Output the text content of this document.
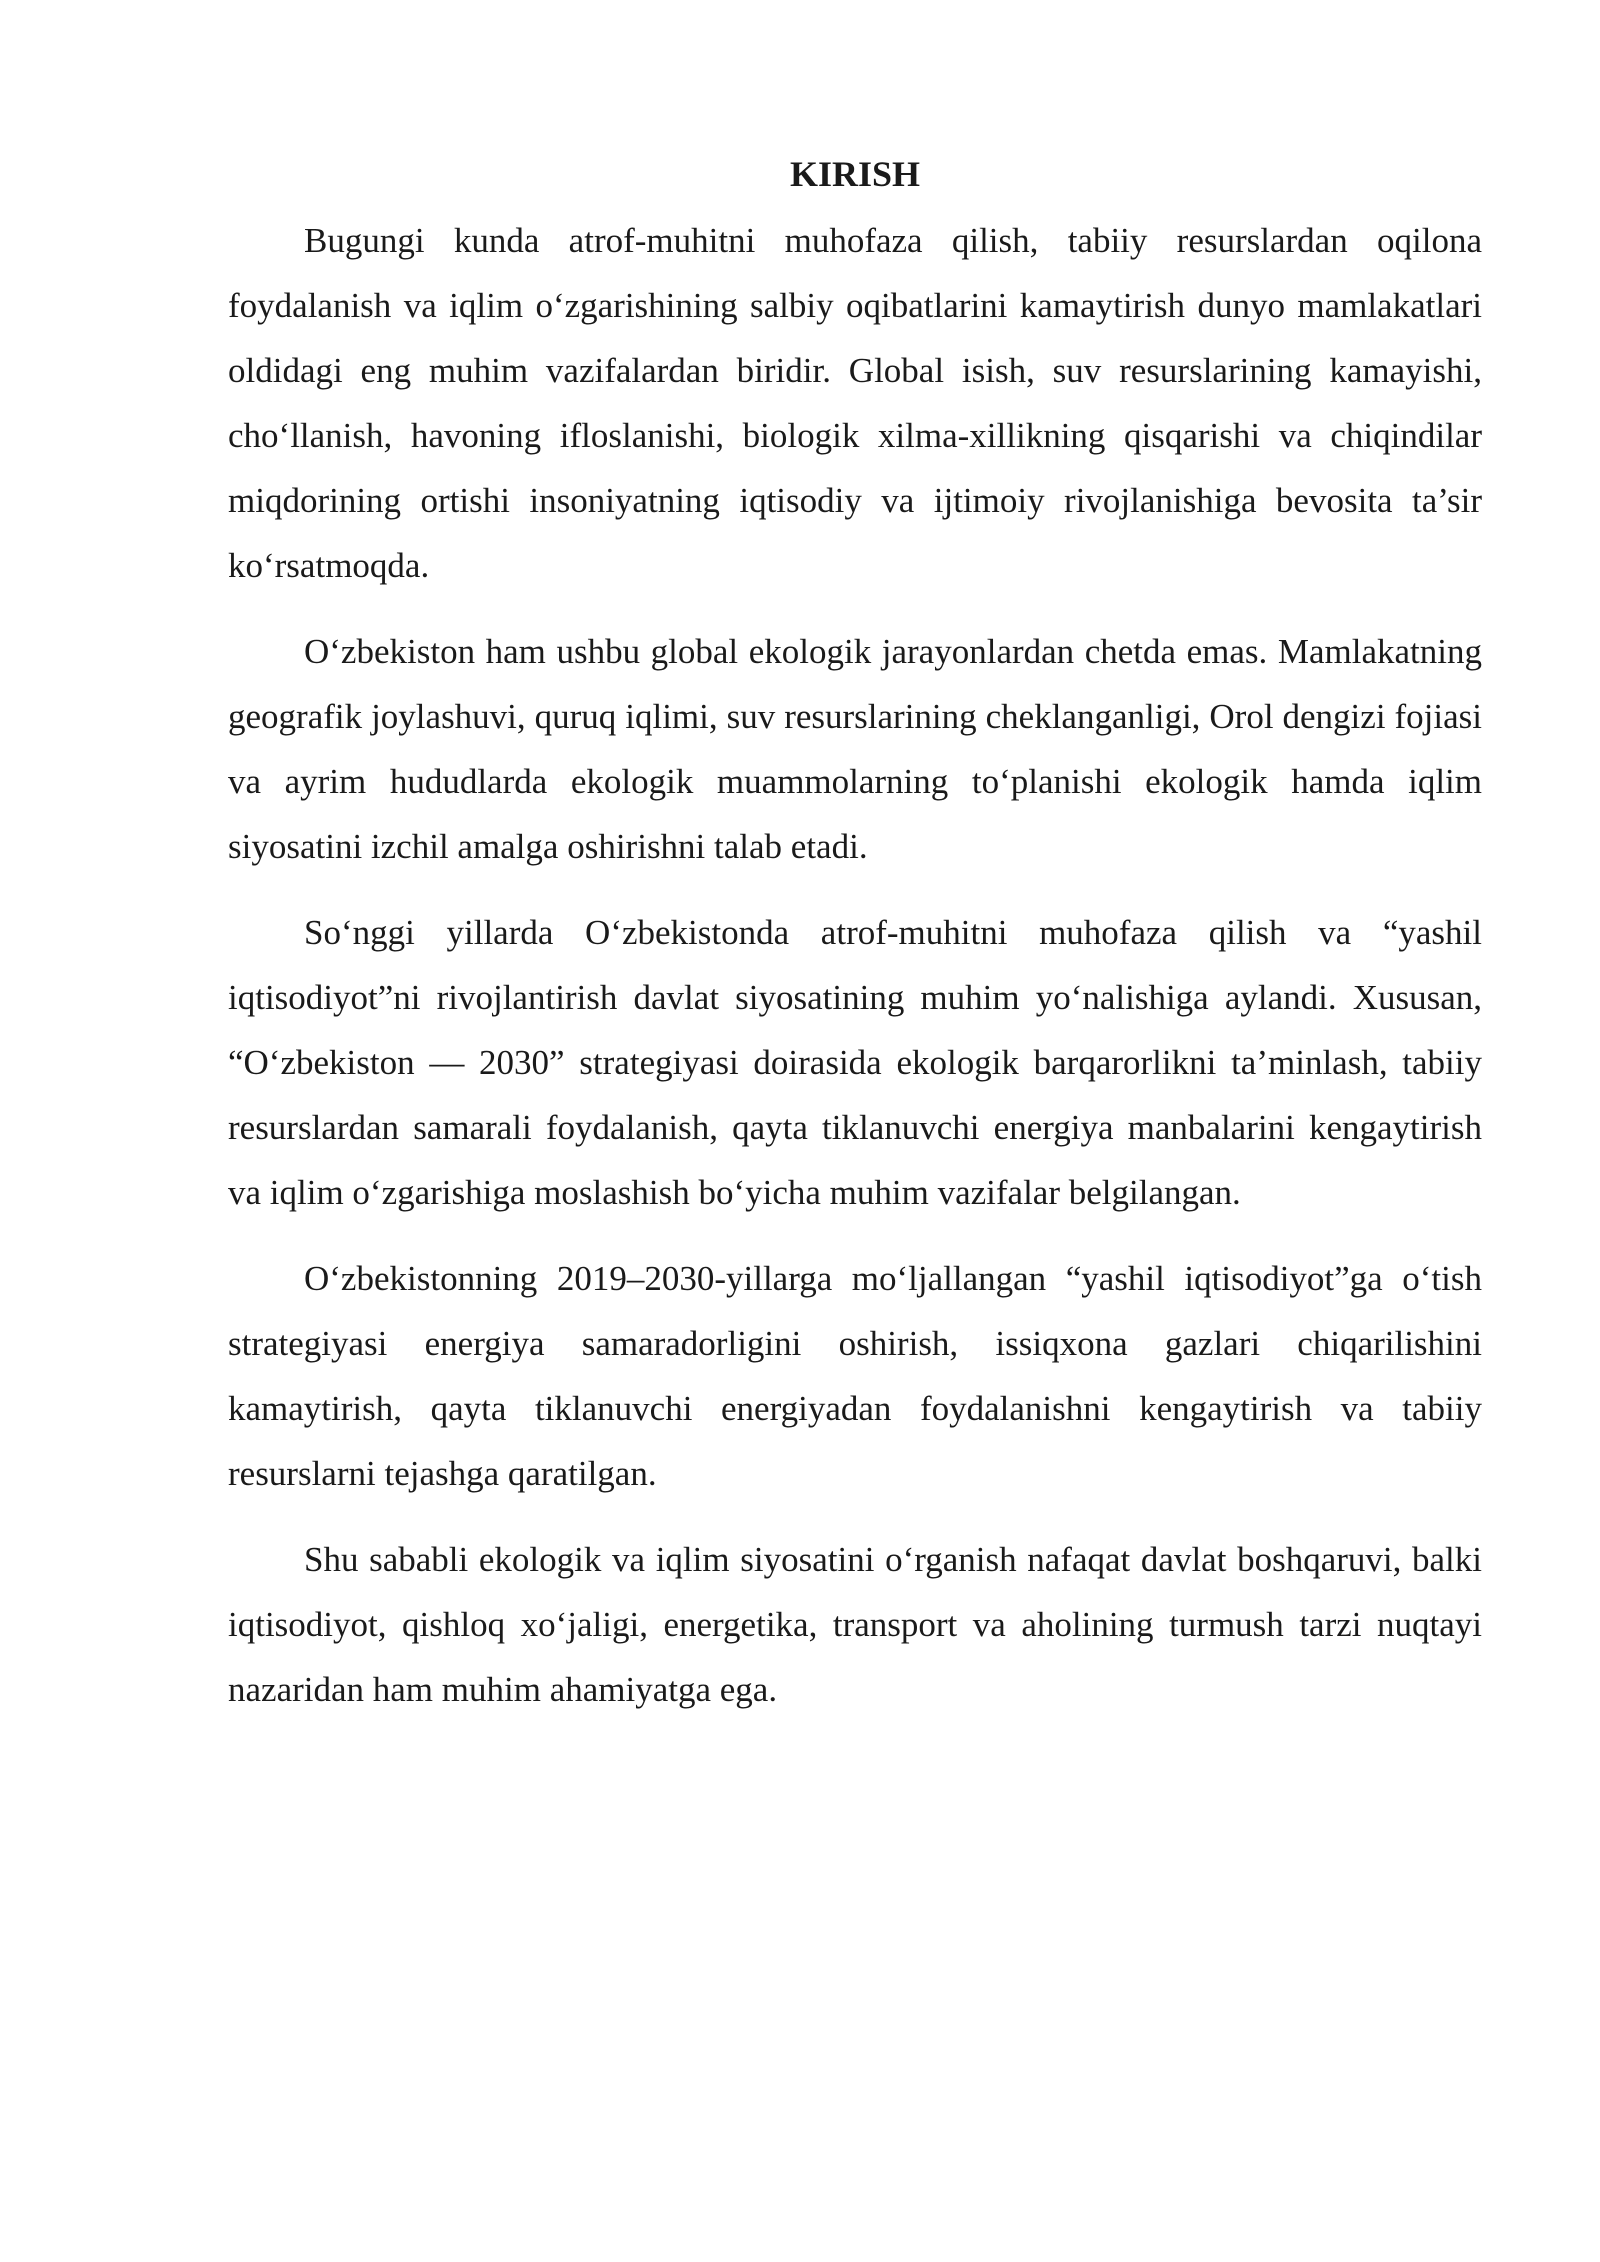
KIRISH

Bugungi kunda atrof-muhitni muhofaza qilish, tabiiy resurslardan oqilona foydalanish va iqlim o‘zgarishining salbiy oqibatlarini kamaytirish dunyo mamlakatlari oldidagi eng muhim vazifalardan biridir. Global isish, suv resurslarining kamayishi, cho‘llanish, havoning ifloslanishi, biologik xilma-xillikning qisqarishi va chiqindilar miqdorining ortishi insoniyatning iqtisodiy va ijtimoiy rivojlanishiga bevosita ta’sir ko‘rsatmoqda.

O‘zbekiston ham ushbu global ekologik jarayonlardan chetda emas. Mamlakatning geografik joylashuvi, quruq iqlimi, suv resurslarining cheklanganligi, Orol dengizi fojiasi va ayrim hududlarda ekologik muammolarning to‘planishi ekologik hamda iqlim siyosatini izchil amalga oshirishni talab etadi.

So‘nggi yillarda O‘zbekistonda atrof-muhitni muhofaza qilish va “yashil iqtisodiyot”ni rivojlantirish davlat siyosatining muhim yo‘nalishiga aylandi. Xususan, “O‘zbekiston — 2030” strategiyasi doirasida ekologik barqarorlikni ta’minlash, tabiiy resurslardan samarali foydalanish, qayta tiklanuvchi energiya manbalarini kengaytirish va iqlim o‘zgarishiga moslashish bo‘yicha muhim vazifalar belgilangan.

O‘zbekistonning 2019–2030-yillarga mo‘ljallangan “yashil iqtisodiyot”ga o‘tish strategiyasi energiya samaradorligini oshirish, issiqxona gazlari chiqarilishini kamaytirish, qayta tiklanuvchi energiyadan foydalanishni kengaytirish va tabiiy resurslarni tejashga qaratilgan.

Shu sababli ekologik va iqlim siyosatini o‘rganish nafaqat davlat boshqaruvi, balki iqtisodiyot, qishloq xo‘jaligi, energetika, transport va aholining turmush tarzi nuqtayi nazaridan ham muhim ahamiyatga ega.
